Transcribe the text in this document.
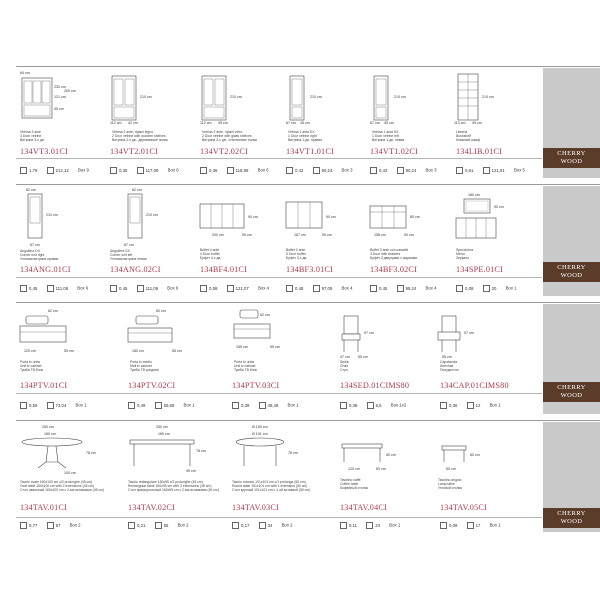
CHERRY
WOOD
64 cm
230 cm
121 cm
200 cm
45 cm
Vetrina 3 ante
3 Door vetrine
Витрина 3-х дв.
134VT3.01CI
1,79	212,12 Box 9
112 cm 42 cm
210 cm
Vetrina 2 ante, ripiani legno
2 Door vetrine with wooden shelves
Витрина 2-х дв., деревянные полки
134VT2.01CI
0,35	117,09 Box 6
112 cm 45 cm
210 cm
Vetrina 2 ante, ripiani vetro
2 Door vetrine with glass shelves
Витрина 2-х дв., стеклянные полки
134VT2.02CI
0,36	118,89 Box 6
67 cm 45 cm
210 cm
Vetrina 1 anta DX
1 Door vetrine right
Витрина 1-дв. правая
134VT1.01CI
0,42	90,24 Box 3
67 cm 45 cm
210 cm
Vetrina 1 anta SX
1 Door vetrine left
Витрина 1-дв. левая
134VT1.02CI
0,42	90,24 Box 3
113 cm 45 cm
210 cm
Libreria
Bookshelf
Книжный шкаф
134LIB.01CI
0,61	121,81 Box 5
CHERRY
WOOD
62 cm
210 cm
87 cm
Angoliera DX
Corner unit right
Угловая витрина правая
134ANG.01CI
0,45	111,08 Box 6
62 cm
210 cm
87 cm
Angoliera SX
Corner unit left
Угловая витрина левая
134ANG.02CI
0,45	111,08 Box 6
90 cm
200 cm	50 cm
Buffet 4 ante
4 Door buffet
Буфет 4-х дв.
134BF4.01CI
0,58	121,07 Box 4
90 cm
167 cm	50 cm
Buffet 3 ante
3 Door buffet
Буфет 3-х дв.
134BF3.01CI
0,48	97,09 Box 4
85 cm
158 cm	50 cm
Buffet 3 ante con cassetti
3 Door with drawers
Буфет 3 дверцами с ящиками
134BF3.02CI
0,45	99,24 Box 4
180 cm
90 cm
Specchiera
Mirror
Зеркало
134SPE.01CI
0,08	20 Box 1
CHERRY
WOOD
62 cm
120 cm	55 cm
Porta tv unita
Unit tv cabinet
Тумба ТВ блок
134PTV.01CI
0,59	73,04 Box 1
60 cm
180 cm	55 cm
Porta tv medio
Midi tv cabinet
Тумба ТВ средняя
134PTV.02CI
0,49	59,68 Box 1
62 cm
155 cm	55 cm
Porta tv unita
Unit tv cabinet
Тумба ТВ блок
134PTV.03CI
0,39	48,48 Box 1
97 cm
47 cm 55 cm
Sedia
Chair
Стул
134SED.01CIMS80
0,38	6,5 Box 1x2
97 cm
55 cm
Capotavola
Armchair
Полукресло
134CAP.01CIMS80
0,36	12 Box 1
CHERRY
WOOD
250 cm
160 cm
78 cm
100 cm
Tavolo ovale 160x100 cm c/2 prolunghe (45 cm)
Oval table 160x100 cm with 2 extensions (45 cm)
Стол овальный 160x100 cm с 2-мя вставками (45 cm)
134TAV.01CI
0,77	97 Box 2
250 cm
160 cm
78 cm
95 cm
Tavolo rettangolare 160x95 c/2 prolunghe (45 cm)
Rectangular table 160x95 cm with 2 extensions (45 cm)
Стол прямоугольный 160x95 cm с 2-мя вставками (45 cm)
134TAV.02CI
0,21	55 Box 2
Ø 150 cm
Ø 101 cm
78 cm
Tavolo rotondo 101x101 cm c/1 prolunga (50 cm)
Round table 101x101 cm with 1 extension (50 cm)
Стол круглый 101x101 cm с 1-ой вставкой (50 cm)
134TAV.03CI
0,17	34 Box 2
50 cm
120 cm	60 cm
Tavolino caffè
Coffee table
Кофейный столик
134TAV.04CI
0,11	23 Box 1
60 cm
50 cm
Tavolino angolo
Lamp table
Угловой столик
134TAV.05CI
0,08	17 Box 1
